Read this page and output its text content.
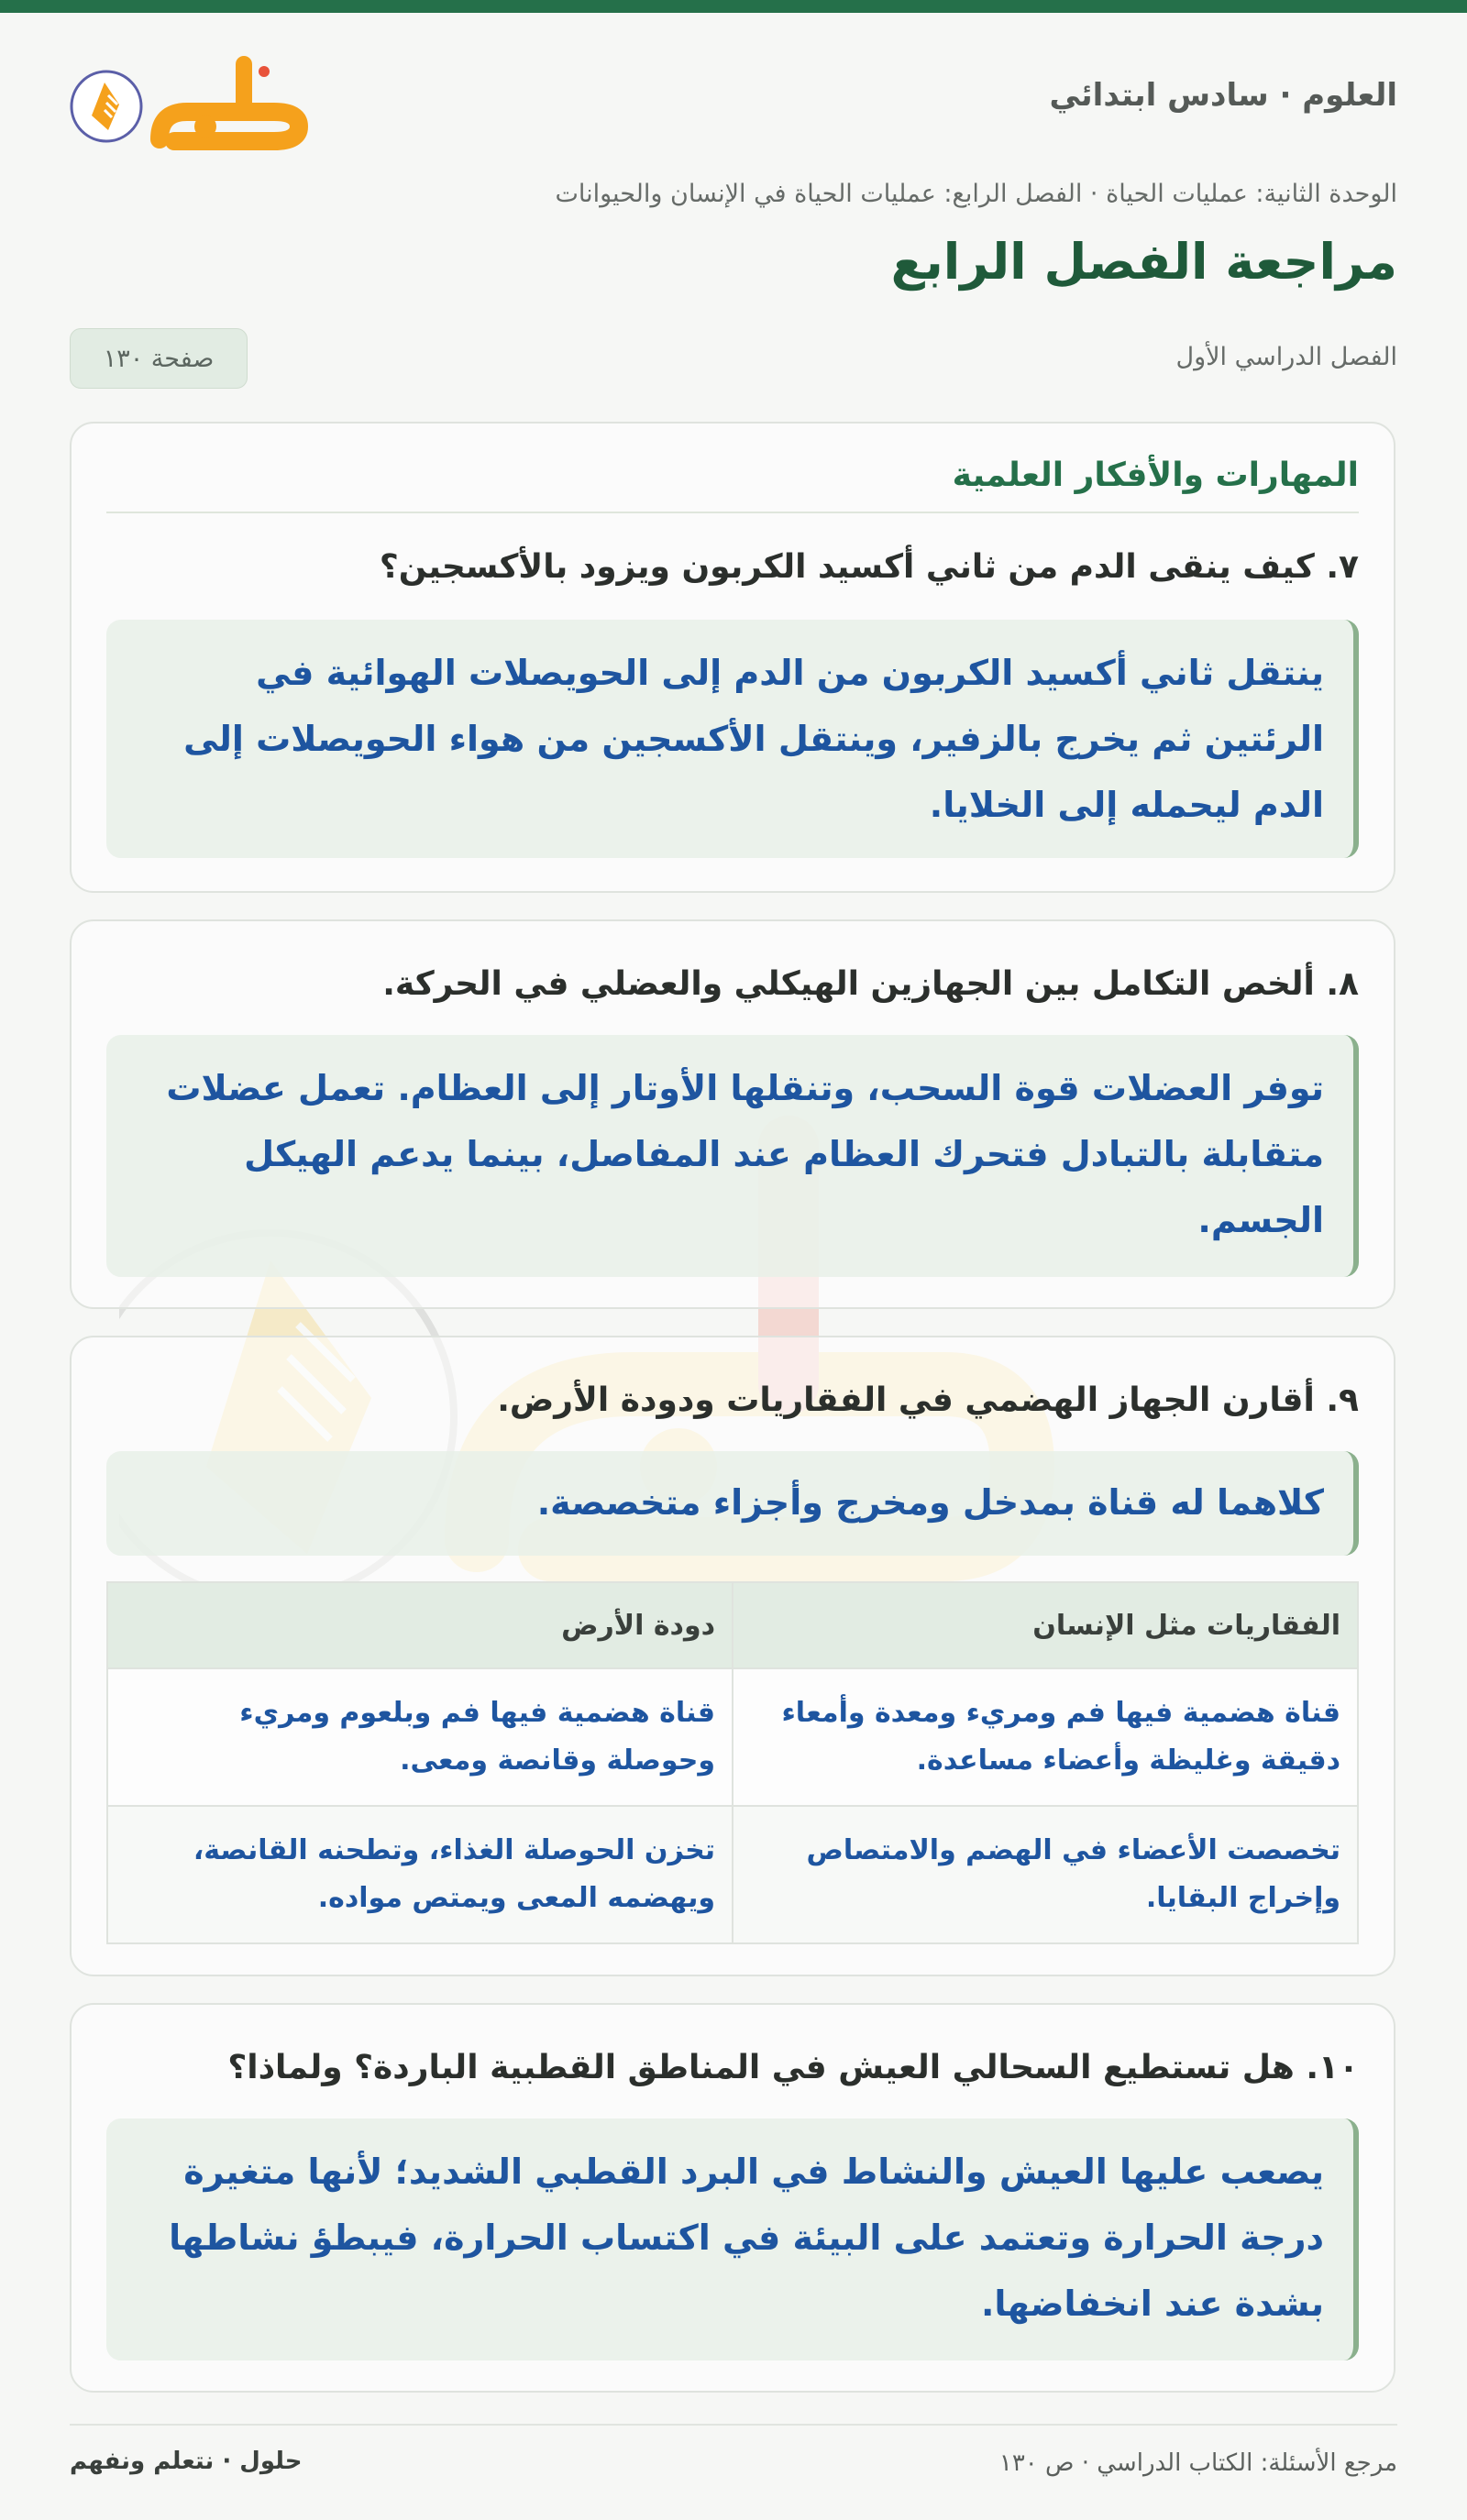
العلوم · سادس ابتدائي
الوحدة الثانية: عمليات الحياة · الفصل الرابع: عمليات الحياة في الإنسان والحيوانات
مراجعة الفصل الرابع
الفصل الدراسي الأول
صفحة ١٣٠
المهارات والأفكار العلمية

٧. كيف ينقى الدم من ثاني أكسيد الكربون ويزود بالأكسجين؟

ينتقل ثاني أكسيد الكربون من الدم إلى الحويصلات الهوائية في الرئتين ثم يخرج بالزفير، وينتقل الأكسجين من هواء الحويصلات إلى الدم ليحمله إلى الخلايا.

٨. ألخص التكامل بين الجهازين الهيكلي والعضلي في الحركة.

توفر العضلات قوة السحب، وتنقلها الأوتار إلى العظام. تعمل عضلات متقابلة بالتبادل فتحرك العظام عند المفاصل، بينما يدعم الهيكل الجسم.

٩. أقارن الجهاز الهضمي في الفقاريات ودودة الأرض.

كلاهما له قناة بمدخل ومخرج وأجزاء متخصصة.
الفقاريات مثل الإنسان
دودة الأرض
قناة هضمية فيها فم ومريء ومعدة وأمعاء دقيقة وغليظة وأعضاء مساعدة.
قناة هضمية فيها فم وبلعوم ومريء وحوصلة وقانصة ومعى.
تخصصت الأعضاء في الهضم والامتصاص وإخراج البقايا.
تخزن الحوصلة الغذاء، وتطحنه القانصة، ويهضمه المعى ويمتص مواده.

١٠. هل تستطيع السحالي العيش في المناطق القطبية الباردة؟ ولماذا؟

يصعب عليها العيش والنشاط في البرد القطبي الشديد؛ لأنها متغيرة درجة الحرارة وتعتمد على البيئة في اكتساب الحرارة، فيبطؤ نشاطها بشدة عند انخفاضها.
مرجع الأسئلة: الكتاب الدراسي · ص ١٣٠
حلول · نتعلم ونفهم
